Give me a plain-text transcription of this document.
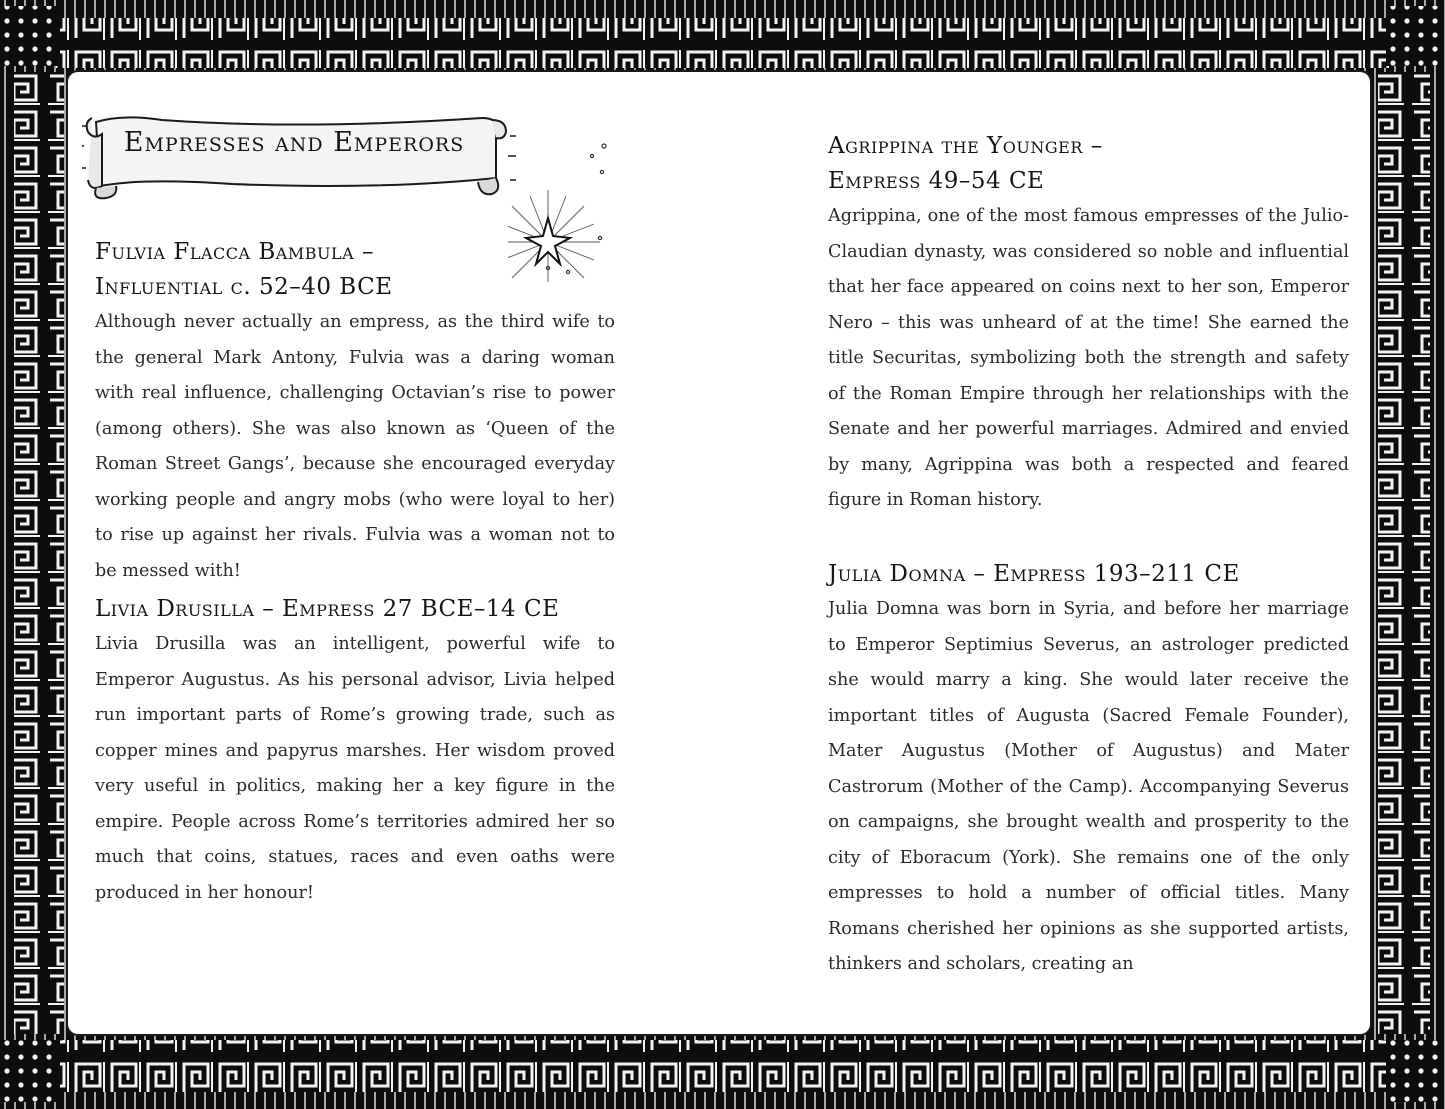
Empresses and Emperors
Fulvia Flacca Bambula –
Influential c. 52–40 BCE

Although never actually an empress, as the third wife to the general Mark Antony, Fulvia was a daring woman with real influence, challenging Octavian’s rise to power (among others). She was also known as ‘Queen of the Roman Street Gangs’, because she encouraged everyday working people and angry mobs (who were loyal to her) to rise up against her rivals. Fulvia was a woman not to be messed with!

Livia Drusilla – Empress 27 BCE–14 CE

Livia Drusilla was an intelligent, powerful wife to Emperor Augustus. As his personal advisor, Livia helped run important parts of Rome’s growing trade, such as copper mines and papyrus marshes. Her wisdom proved very useful in politics, making her a key figure in the empire. People across Rome’s territories admired her so much that coins, statues, races and even oaths were produced in her honour!

Agrippina the Younger –
Empress 49–54 CE

Agrippina, one of the most famous empresses of the Julio-Claudian dynasty, was considered so noble and influential that her face appeared on coins next to her son, Emperor Nero – this was unheard of at the time! She earned the title Securitas, symbolizing both the strength and safety of the Roman Empire through her relationships with the Senate and her powerful marriages. Admired and envied by many, Agrippina was both a respected and feared figure in Roman history.

Julia Domna – Empress 193–211 CE

Julia Domna was born in Syria, and before her marriage to Emperor Septimius Severus, an astrologer predicted she would marry a king. She would later receive the important titles of Augusta (Sacred Female Founder), Mater Augustus (Mother of Augustus) and Mater Castrorum (Mother of the Camp). Accompanying Severus on campaigns, she brought wealth and prosperity to the city of Eboracum (York). She remains one of the only empresses to hold a number of official titles. Many Romans cherished her opinions as she supported artists, thinkers and scholars, creating an
